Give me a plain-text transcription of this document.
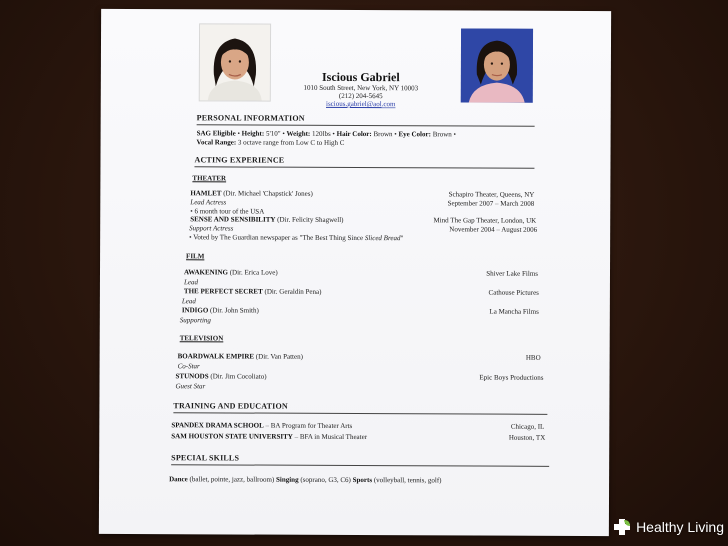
Iscious Gabriel
1010 South Street, New York, NY 10003
(212) 204-5645
iscious.gabriel@aol.com
PERSONAL INFORMATION
SAG Eligible • Height: 5'10" • Weight: 120lbs • Hair Color: Brown • Eye Color: Brown •
Vocal Range: 3 octave range from Low C to High C
ACTING EXPERIENCE
THEATER
HAMLET (Dir. Michael 'Chapstick' Jones)	Schapiro Theater, Queens, NY
Lead Actress	September 2007 – March 2008
• 6 month tour of the USA
SENSE AND SENSIBILITY (Dir. Felicity Shagwell)	Mind The Gap Theater, London, UK
Support Actress	November 2004 – August 2006
• Voted by The Guardian newspaper as "The Best Thing Since Sliced Bread"
FILM
AWAKENING (Dir. Erica Love)	Shiver Lake Films
Lead
THE PERFECT SECRET (Dir. Geraldin Pena)	Cathouse Pictures
Lead
INDIGO (Dir. John Smith)	La Mancha Films
Supporting
TELEVISION
BOARDWALK EMPIRE (Dir. Van Patten)	HBO
Co-Star
STUNODS (Dir. Jim Cocoliato)	Epic Boys Productions
Guest Star
TRAINING AND EDUCATION
SPANDEX DRAMA SCHOOL – BA Program for Theater Arts	Chicago, IL
SAM HOUSTON STATE UNIVERSITY – BFA in Musical Theater	Houston, TX
SPECIAL SKILLS
Dance (ballet, pointe, jazz, ballroom) Singing (soprano, G3, C6) Sports (volleyball, tennis, golf)
Healthy Living
